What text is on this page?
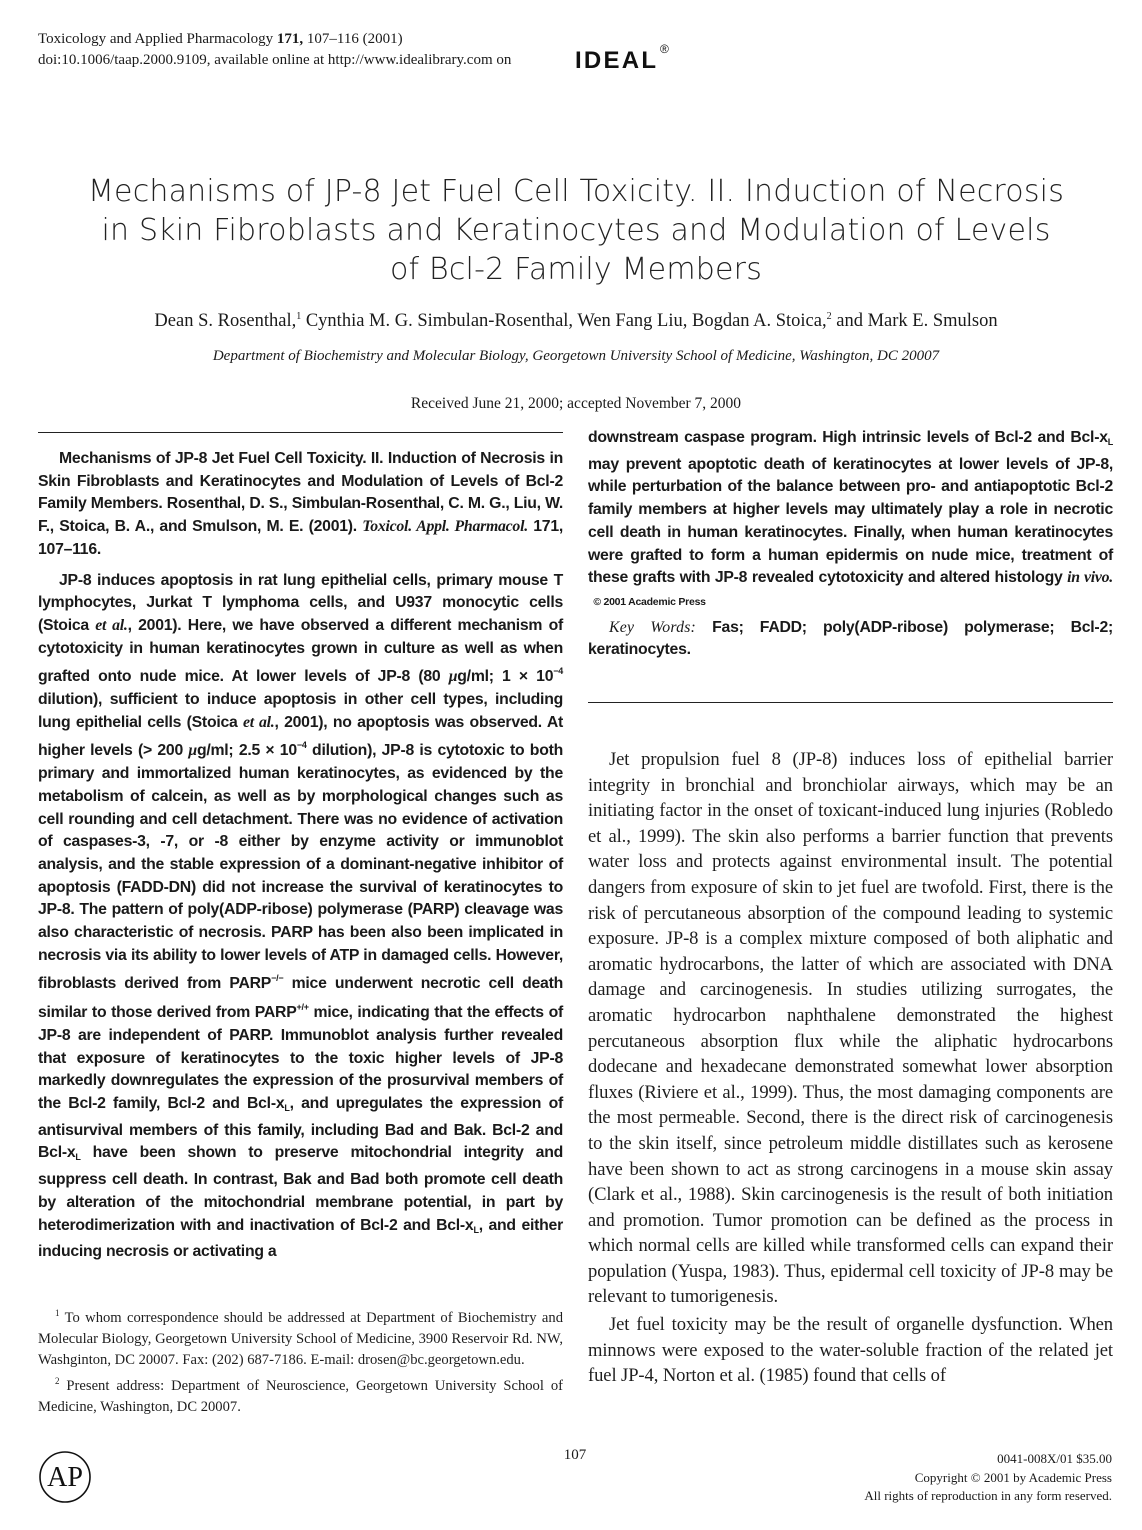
Toxicology and Applied Pharmacology 171, 107–116 (2001)
doi:10.1006/taap.2000.9109, available online at http://www.idealibrary.com on	IDEAL ®
Mechanisms of JP-8 Jet Fuel Cell Toxicity. II. Induction of Necrosis
in Skin Fibroblasts and Keratinocytes and Modulation of Levels
of Bcl-2 Family Members
Dean S. Rosenthal,$^1$ Cynthia M. G. Simbulan-Rosenthal, Wen Fang Liu, Bogdan A. Stoica,$^2$ and Mark E. Smulson
Department of Biochemistry and Molecular Biology, Georgetown University School of Medicine, Washington, DC 20007
Received June 21, 2000; accepted November 7, 2000

Mechanisms of JP-8 Jet Fuel Cell Toxicity. II. Induction of Necrosis in Skin Fibroblasts and Keratinocytes and Modulation of Levels of Bcl-2 Family Members. Rosenthal, D. S., Simbulan-Rosenthal, C. M. G., Liu, W. F., Stoica, B. A., and Smulson, M. E. (2001). Toxicol. Appl. Pharmacol. 171, 107–116.

JP-8 induces apoptosis in rat lung epithelial cells, primary mouse T lymphocytes, Jurkat T lymphoma cells, and U937 monocytic cells (Stoica et al., 2001). Here, we have observed a different mechanism of cytotoxicity in human keratinocytes grown in culture as well as when grafted onto nude mice. At lower levels of JP-8 (80 μg/ml; $1 \times 10^{-4}$ dilution), sufficient to induce apoptosis in other cell types, including lung epithelial cells (Stoica et al., 2001), no apoptosis was observed. At higher levels (> 200 μg/ml; $2.5 \times 10^{-4}$ dilution), JP-8 is cytotoxic to both primary and immortalized human keratinocytes, as evidenced by the metabolism of calcein, as well as by morphological changes such as cell rounding and cell detachment. There was no evidence of activation of caspases-3, -7, or -8 either by enzyme activity or immunoblot analysis, and the stable expression of a dominant-negative inhibitor of apoptosis (FADD-DN) did not increase the survival of keratinocytes to JP-8. The pattern of poly(ADP-ribose) polymerase (PARP) cleavage was also characteristic of necrosis. PARP has been also been implicated in necrosis via its ability to lower levels of ATP in damaged cells. However, fibroblasts derived from PARP−/− mice underwent necrotic cell death similar to those derived from PARP+/+ mice, indicating that the effects of JP-8 are independent of PARP. Immunoblot analysis further revealed that exposure of keratinocytes to the toxic higher levels of JP-8 markedly downregulates the expression of the prosurvival members of the Bcl-2 family, Bcl-2 and Bcl-$x_L$, and upregulates the expression of antisurvival members of this family, including Bad and Bak. Bcl-2 and Bcl-$x_L$ have been shown to preserve mitochondrial integrity and suppress cell death. In contrast, Bak and Bad both promote cell death by alteration of the mitochondrial membrane potential, in part by heterodimerization with and inactivation of Bcl-2 and Bcl-$x_L$, and either inducing necrosis or activating a

downstream caspase program. High intrinsic levels of Bcl-2 and Bcl-$x_L$ may prevent apoptotic death of keratinocytes at lower levels of JP-8, while perturbation of the balance between pro- and antiapoptotic Bcl-2 family members at higher levels may ultimately play a role in necrotic cell death in human keratinocytes. Finally, when human keratinocytes were grafted to form a human epidermis on nude mice, treatment of these grafts with JP-8 revealed cytotoxicity and altered histology in vivo.   © 2001 Academic Press

Key Words: Fas; FADD; poly(ADP-ribose) polymerase; Bcl-2; keratinocytes.

Jet propulsion fuel 8 (JP-8) induces loss of epithelial barrier integrity in bronchial and bronchiolar airways, which may be an initiating factor in the onset of toxicant-induced lung injuries (Robledo et al., 1999). The skin also performs a barrier function that prevents water loss and protects against environmental insult. The potential dangers from exposure of skin to jet fuel are twofold. First, there is the risk of percutaneous absorption of the compound leading to systemic exposure. JP-8 is a complex mixture composed of both aliphatic and aromatic hydrocarbons, the latter of which are associated with DNA damage and carcinogenesis. In studies utilizing surrogates, the aromatic hydrocarbon naphthalene demonstrated the highest percutaneous absorption flux while the aliphatic hydrocarbons dodecane and hexadecane demonstrated somewhat lower absorption fluxes (Riviere et al., 1999). Thus, the most damaging components are the most permeable. Second, there is the direct risk of carcinogenesis to the skin itself, since petroleum middle distillates such as kerosene have been shown to act as strong carcinogens in a mouse skin assay (Clark et al., 1988). Skin carcinogenesis is the result of both initiation and promotion. Tumor promotion can be defined as the process in which normal cells are killed while transformed cells can expand their population (Yuspa, 1983). Thus, epidermal cell toxicity of JP-8 may be relevant to tumorigenesis.

Jet fuel toxicity may be the result of organelle dysfunction. When minnows were exposed to the water-soluble fraction of the related jet fuel JP-4, Norton et al. (1985) found that cells of

$^1$ To whom correspondence should be addressed at Department of Biochemistry and Molecular Biology, Georgetown University School of Medicine, 3900 Reservoir Rd. NW, Washginton, DC 20007. Fax: (202) 687-7186. E-mail: drosen@bc.georgetown.edu.

$^2$ Present address: Department of Neuroscience, Georgetown University School of Medicine, Washington, DC 20007.

AP
107	0041-008X/01 $35.00
Copyright © 2001 by Academic Press
All rights of reproduction in any form reserved.
